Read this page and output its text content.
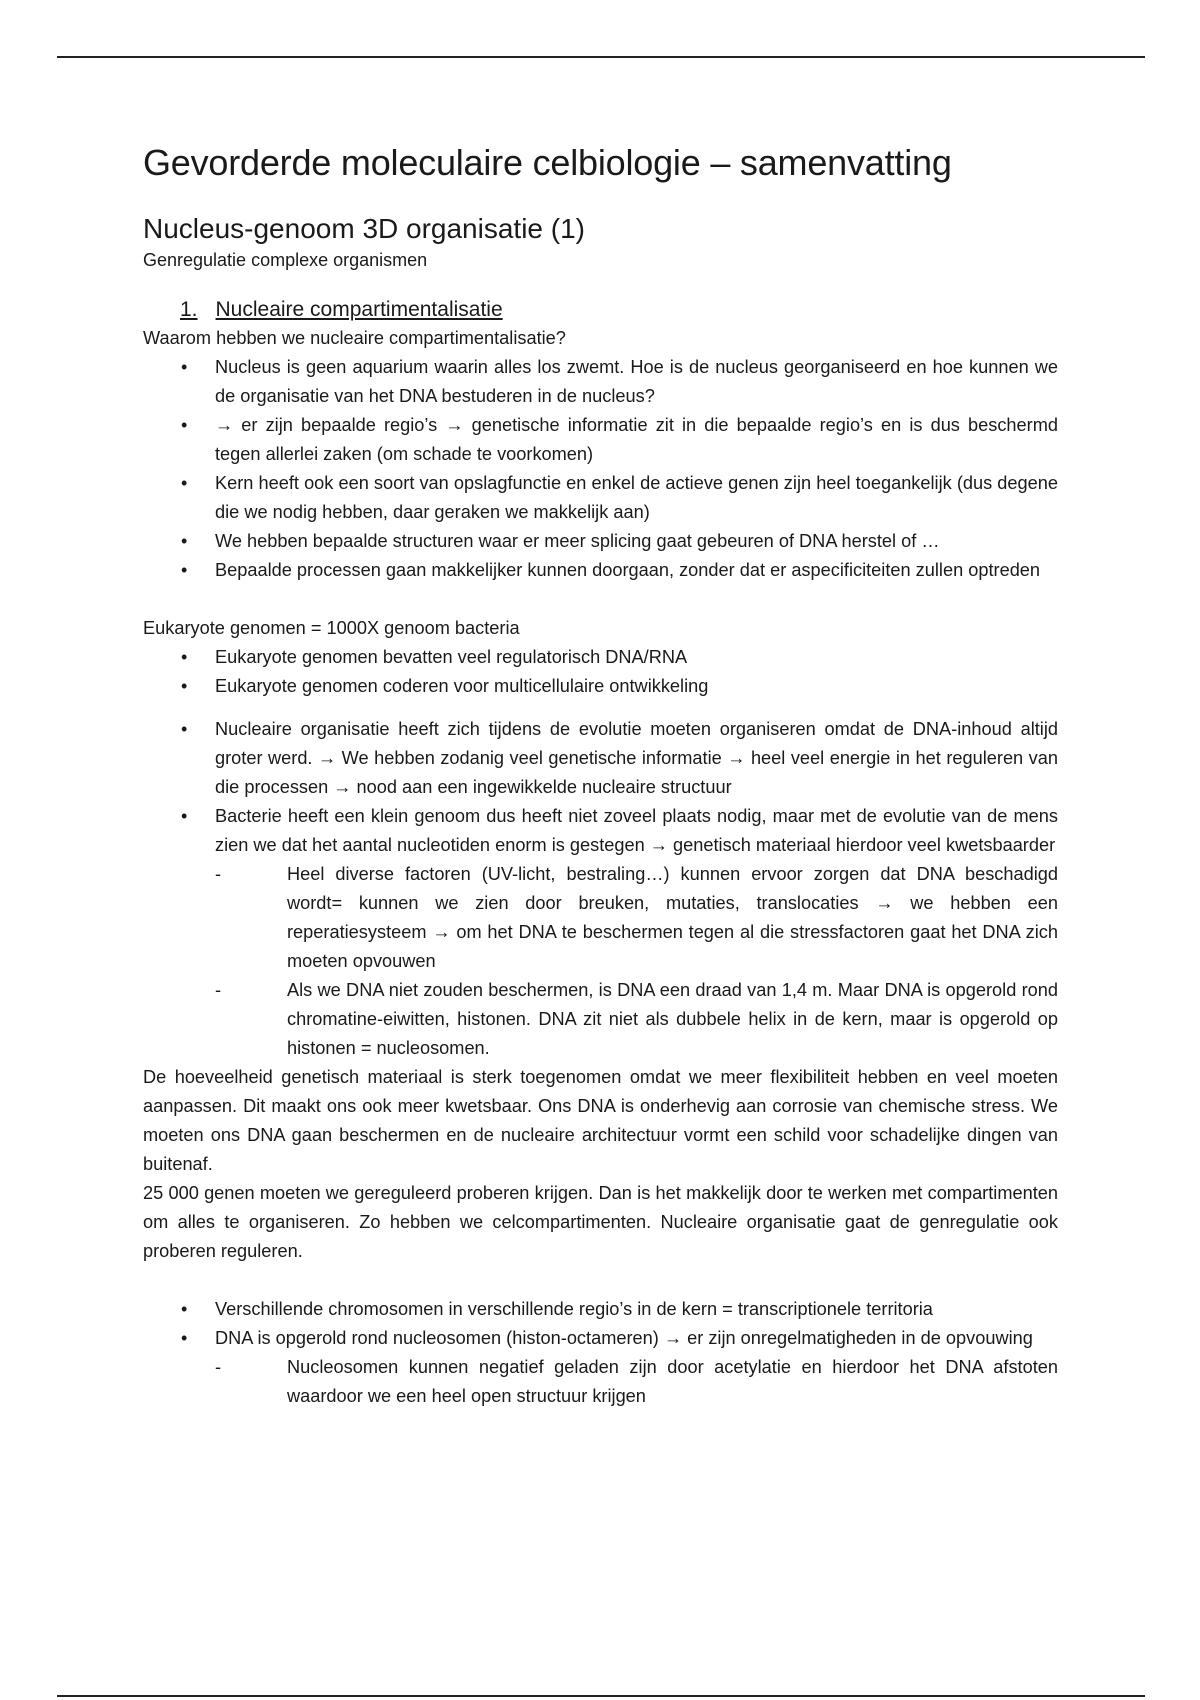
Gevorderde moleculaire celbiologie – samenvatting
Nucleus-genoom 3D organisatie (1)
Genregulatie complexe organismen
1. Nucleaire compartimentalisatie

Waarom hebben we nucleaire compartimentalisatie?

• Nucleus is geen aquarium waarin alles los zwemt. Hoe is de nucleus georganiseerd en hoe kunnen we de organisatie van het DNA bestuderen in de nucleus?
• → er zijn bepaalde regio’s → genetische informatie zit in die bepaalde regio’s en is dus beschermd tegen allerlei zaken (om schade te voorkomen)
• Kern heeft ook een soort van opslagfunctie en enkel de actieve genen zijn heel toegankelijk (dus degene die we nodig hebben, daar geraken we makkelijk aan)
• We hebben bepaalde structuren waar er meer splicing gaat gebeuren of DNA herstel of …
• Bepaalde processen gaan makkelijker kunnen doorgaan, zonder dat er aspecificiteiten zullen optreden

Eukaryote genomen = 1000X genoom bacteria

• Eukaryote genomen bevatten veel regulatorisch DNA/RNA
• Eukaryote genomen coderen voor multicellulaire ontwikkeling
• Nucleaire organisatie heeft zich tijdens de evolutie moeten organiseren omdat de DNA-inhoud altijd groter werd. → We hebben zodanig veel genetische informatie → heel veel energie in het reguleren van die processen → nood aan een ingewikkelde nucleaire structuur
• Bacterie heeft een klein genoom dus heeft niet zoveel plaats nodig, maar met de evolutie van de mens zien we dat het aantal nucleotiden enorm is gestegen → genetisch materiaal hierdoor veel kwetsbaarder
- Heel diverse factoren (UV-licht, bestraling…) kunnen ervoor zorgen dat DNA beschadigd wordt= kunnen we zien door breuken, mutaties, translocaties → we hebben een reperatiesysteem → om het DNA te beschermen tegen al die stressfactoren gaat het DNA zich moeten opvouwen
- Als we DNA niet zouden beschermen, is DNA een draad van 1,4 m. Maar DNA is opgerold rond chromatine-eiwitten, histonen. DNA zit niet als dubbele helix in de kern, maar is opgerold op histonen = nucleosomen.

De hoeveelheid genetisch materiaal is sterk toegenomen omdat we meer flexibiliteit hebben en veel moeten aanpassen. Dit maakt ons ook meer kwetsbaar. Ons DNA is onderhevig aan corrosie van chemische stress. We moeten ons DNA gaan beschermen en de nucleaire architectuur vormt een schild voor schadelijke dingen van buitenaf.

25 000 genen moeten we gereguleerd proberen krijgen. Dan is het makkelijk door te werken met compartimenten om alles te organiseren. Zo hebben we celcompartimenten. Nucleaire organisatie gaat de genregulatie ook proberen reguleren.

• Verschillende chromosomen in verschillende regio’s in de kern = transcriptionele territoria
• DNA is opgerold rond nucleosomen (histon-octameren) → er zijn onregelmatigheden in de opvouwing
- Nucleosomen kunnen negatief geladen zijn door acetylatie en hierdoor het DNA afstoten waardoor we een heel open structuur krijgen
